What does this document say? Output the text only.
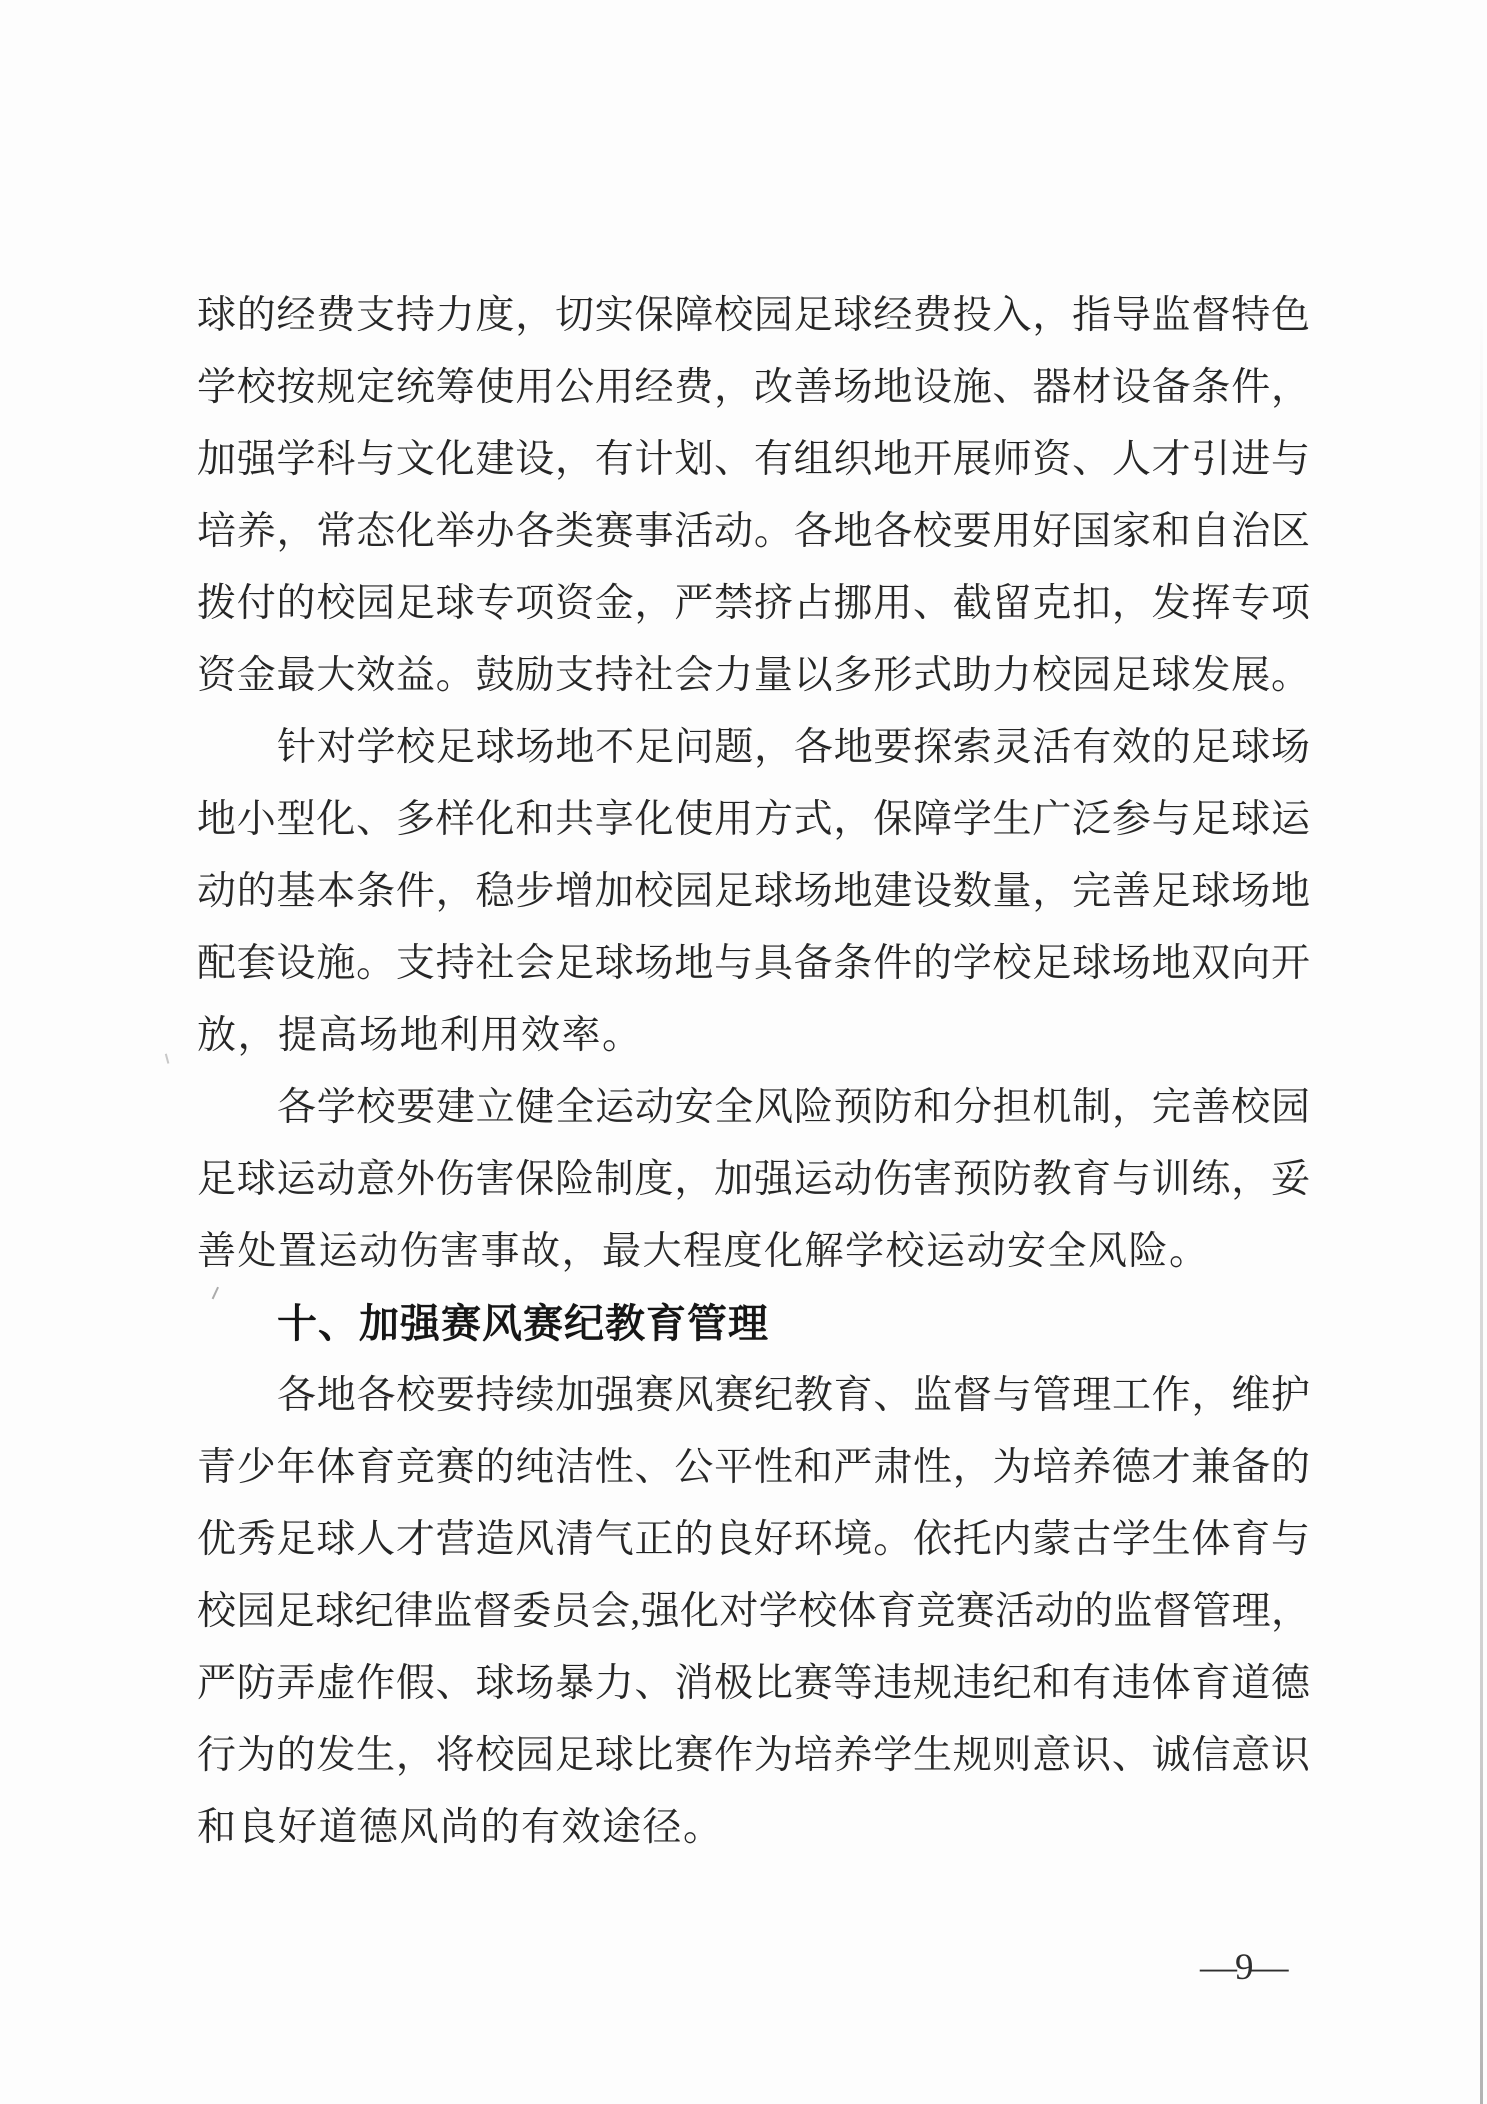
球的经费支持力度，切实保障校园足球经费投入，指导监督特色

学校按规定统筹使用公用经费，改善场地设施、器材设备条件，

加强学科与文化建设，有计划、有组织地开展师资、人才引进与

培养，常态化举办各类赛事活动。各地各校要用好国家和自治区

拨付的校园足球专项资金，严禁挤占挪用、截留克扣，发挥专项

资金最大效益。鼓励支持社会力量以多形式助力校园足球发展。

针对学校足球场地不足问题，各地要探索灵活有效的足球场

地小型化、多样化和共享化使用方式，保障学生广泛参与足球运

动的基本条件，稳步增加校园足球场地建设数量，完善足球场地

配套设施。支持社会足球场地与具备条件的学校足球场地双向开

放，提高场地利用效率。

各学校要建立健全运动安全风险预防和分担机制，完善校园

足球运动意外伤害保险制度，加强运动伤害预防教育与训练，妥

善处置运动伤害事故，最大程度化解学校运动安全风险。

十、加强赛风赛纪教育管理

各地各校要持续加强赛风赛纪教育、监督与管理工作，维护

青少年体育竞赛的纯洁性、公平性和严肃性，为培养德才兼备的

优秀足球人才营造风清气正的良好环境。依托内蒙古学生体育与

校园足球纪律监督委员会,强化对学校体育竞赛活动的监督管理，

严防弄虚作假、球场暴力、消极比赛等违规违纪和有违体育道德

行为的发生，将校园足球比赛作为培养学生规则意识、诚信意识

和良好道德风尚的有效途径。

—9—
